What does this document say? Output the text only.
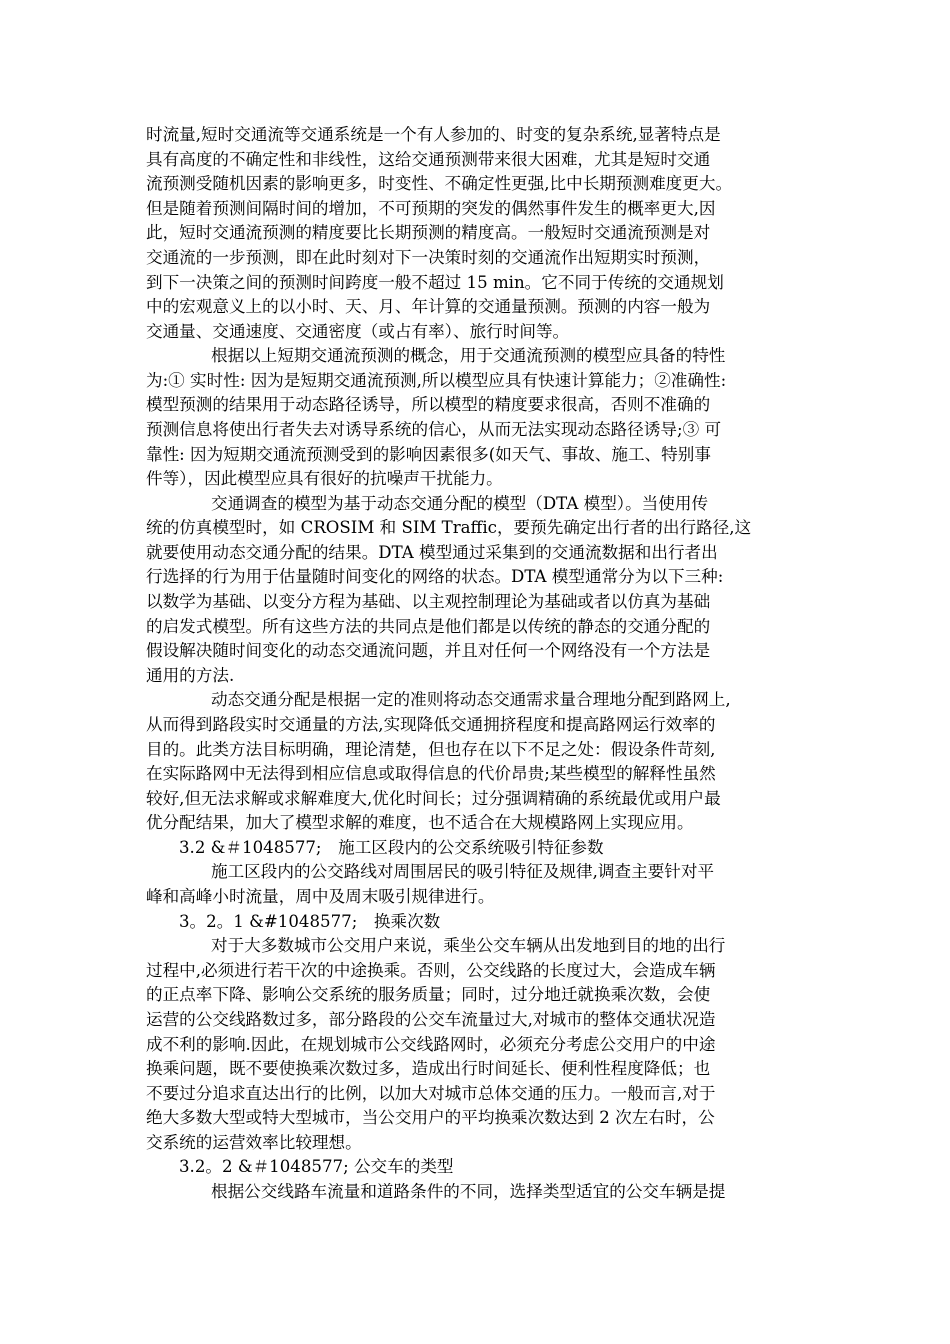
时流量,短时交通流等交通系统是一个有人参加的、时变的复杂系统,显著特点是
具有高度的不确定性和非线性，这给交通预测带来很大困难，尤其是短时交通
流预测受随机因素的影响更多，时变性、不确定性更强,比中长期预测难度更大。
但是随着预测间隔时间的增加，不可预期的突发的偶然事件发生的概率更大,因
此，短时交通流预测的精度要比长期预测的精度高。一般短时交通流预测是对
交通流的一步预测，即在此时刻对下一决策时刻的交通流作出短期实时预测，
到下一决策之间的预测时间跨度一般不超过 15 min。它不同于传统的交通规划
中的宏观意义上的以小时、天、月、年计算的交通量预测。预测的内容一般为
交通量、交通速度、交通密度（或占有率）、旅行时间等。
根据以上短期交通流预测的概念，用于交通流预测的模型应具备的特性
为:① 实时性: 因为是短期交通流预测,所以模型应具有快速计算能力；②准确性:
模型预测的结果用于动态路径诱导，所以模型的精度要求很高，否则不准确的
预测信息将使出行者失去对诱导系统的信心，从而无法实现动态路径诱导;③ 可
靠性: 因为短期交通流预测受到的影响因素很多(如天气、事故、施工、特别事
件等），因此模型应具有很好的抗噪声干扰能力。
交通调查的模型为基于动态交通分配的模型（DTA 模型）。当使用传
统的仿真模型时，如 CROSIM 和 SIM Traffic，要预先确定出行者的出行路径,这
就要使用动态交通分配的结果。DTA 模型通过采集到的交通流数据和出行者出
行选择的行为用于估量随时间变化的网络的状态。DTA 模型通常分为以下三种:
以数学为基础、以变分方程为基础、以主观控制理论为基础或者以仿真为基础
的启发式模型。所有这些方法的共同点是他们都是以传统的静态的交通分配的
假设解决随时间变化的动态交通流问题，并且对任何一个网络没有一个方法是
通用的方法.
动态交通分配是根据一定的准则将动态交通需求量合理地分配到路网上,
从而得到路段实时交通量的方法,实现降低交通拥挤程度和提高路网运行效率的
目的。此类方法目标明确，理论清楚，但也存在以下不足之处：假设条件苛刻,
在实际路网中无法得到相应信息或取得信息的代价昂贵;某些模型的解释性虽然
较好,但无法求解或求解难度大,优化时间长；过分强调精确的系统最优或用户最
优分配结果，加大了模型求解的难度，也不适合在大规模路网上实现应用。
3.2 &＃1048577;　施工区段内的公交系统吸引特征参数
施工区段内的公交路线对周围居民的吸引特征及规律,调查主要针对平
峰和高峰小时流量，周中及周末吸引规律进行。
3。2。1 &#1048577;　换乘次数
对于大多数城市公交用户来说，乘坐公交车辆从出发地到目的地的出行
过程中,必须进行若干次的中途换乘。否则，公交线路的长度过大，会造成车辆
的正点率下降、影响公交系统的服务质量；同时，过分地迁就换乘次数，会使
运营的公交线路数过多，部分路段的公交车流量过大,对城市的整体交通状况造
成不利的影响.因此，在规划城市公交线路网时，必须充分考虑公交用户的中途
换乘问题，既不要使换乘次数过多，造成出行时间延长、便利性程度降低；也
不要过分追求直达出行的比例，以加大对城市总体交通的压力。一般而言,对于
绝大多数大型或特大型城市，当公交用户的平均换乘次数达到 2 次左右时，公
交系统的运营效率比较理想。
3.2。2 &＃1048577; 公交车的类型
根据公交线路车流量和道路条件的不同，选择类型适宜的公交车辆是提
